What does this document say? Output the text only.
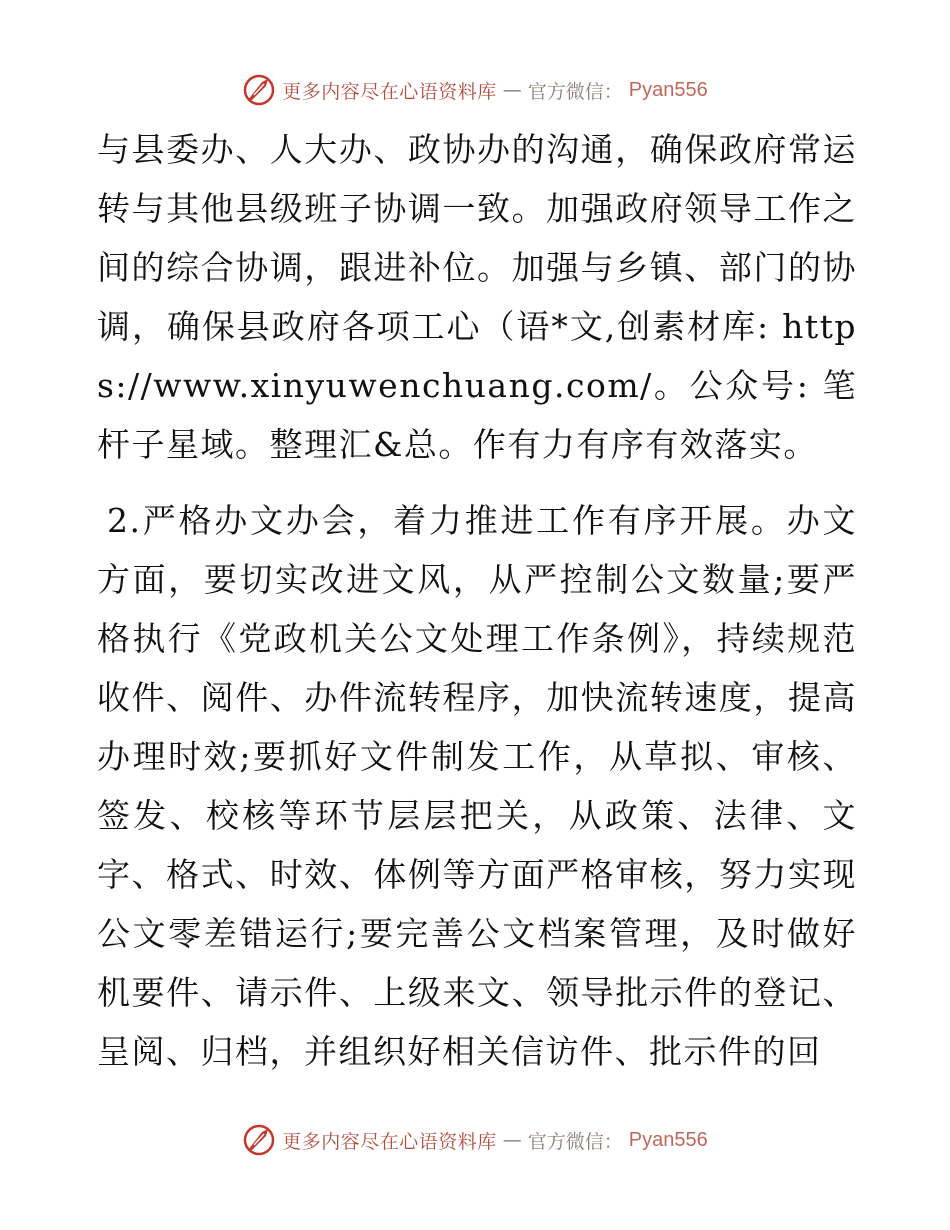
更多内容尽在心语资料库 — 官方微信： Pyan556

与县委办、人大办、政协办的沟通，确保政府常运转与其他县级班子协调一致。加强政府领导工作之间的综合协调，跟进补位。加强与乡镇、部门的协调，确保县政府各项工心（语*文,创素材库: https://www.xinyuwenchuang.com/。公众号: 笔杆子星域。整理汇&总。作有力有序有效落实。

2.严格办文办会，着力推进工作有序开展。办文方面，要切实改进文风，从严控制公文数量;要严格执行《党政机关公文处理工作条例》，持续规范收件、阅件、办件流转程序，加快流转速度，提高办理时效;要抓好文件制发工作，从草拟、审核、签发、校核等环节层层把关，从政策、法律、文字、格式、时效、体例等方面严格审核，努力实现公文零差错运行;要完善公文档案管理，及时做好机要件、请示件、上级来文、领导批示件的登记、呈阅、归档，并组织好相关信访件、批示件的回

更多内容尽在心语资料库 — 官方微信： Pyan556
